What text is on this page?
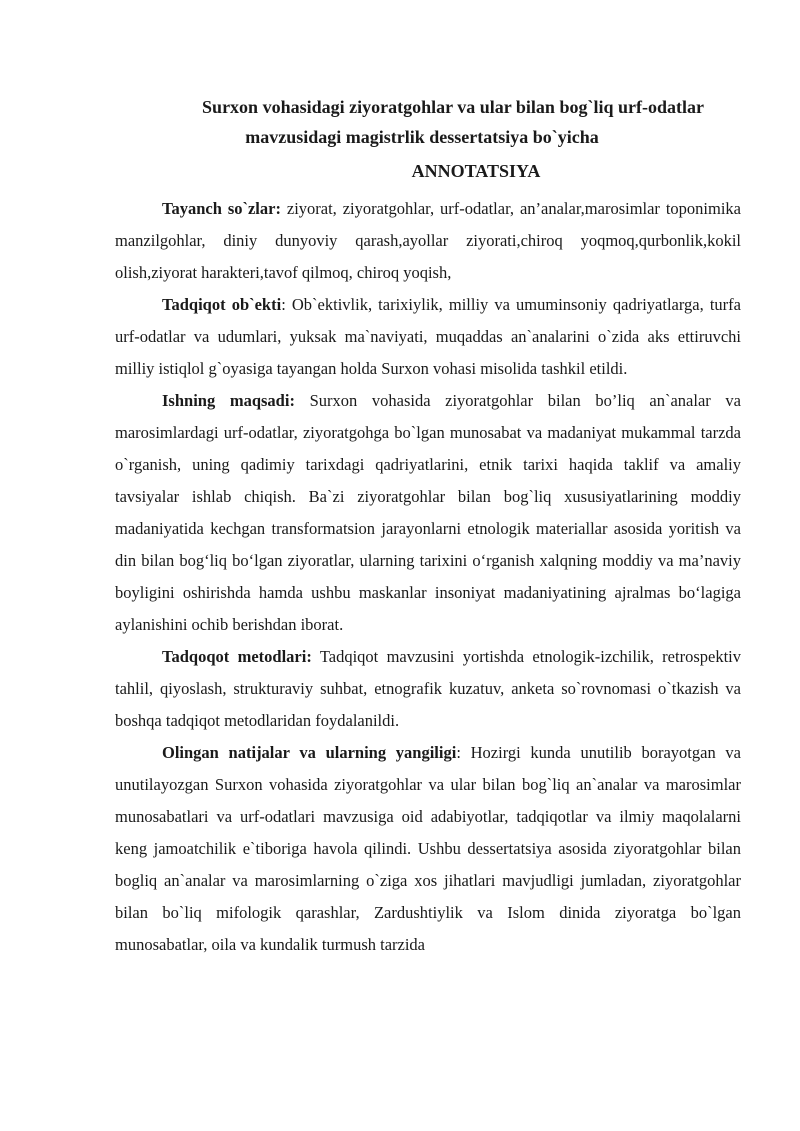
Surxon vohasidagi ziyoratgohlar va ular bilan bog`liq urf-odatlar
mavzusidagi magistrlik dessertatsiya bo`yicha
ANNOTATSIYA

Tayanch so`zlar: ziyorat, ziyoratgohlar, urf-odatlar, an’analar,marosimlar toponimika manzilgohlar, diniy dunyoviy qarash,ayollar ziyorati,chiroq yoqmoq,qurbonlik,kokil olish,ziyorat harakteri,tavof qilmoq, chiroq yoqish,

Tadqiqot ob`ekti: Ob`ektivlik, tarixiylik, milliy va umuminsoniy qadriyatlarga, turfa urf-odatlar va udumlari, yuksak ma`naviyati, muqaddas an`analarini o`zida aks ettiruvchi milliy istiqlol g`oyasiga tayangan holda Surxon vohasi misolida tashkil etildi.

Ishning maqsadi: Surxon vohasida ziyoratgohlar bilan bo’liq an`analar va marosimlardagi urf-odatlar, ziyoratgohga bo`lgan munosabat va madaniyat mukammal tarzda o`rganish, uning qadimiy tarixdagi qadriyatlarini, etnik tarixi haqida taklif va amaliy tavsiyalar ishlab chiqish. Ba`zi ziyoratgohlar bilan bog`liq xususiyatlarining moddiy madaniyatida kechgan transformatsion jarayonlarni etnologik materiallar asosida yoritish va din bilan bog‘liq bo‘lgan ziyoratlar, ularning tarixini o‘rganish xalqning moddiy va ma’naviy boyligini oshirishda hamda ushbu maskanlar insoniyat madaniyatining ajralmas bo‘lagiga aylanishini ochib berishdan iborat.

Tadqoqot metodlari: Tadqiqot mavzusini yortishda etnologik-izchilik, retrospektiv tahlil, qiyoslash, strukturaviy suhbat, etnografik kuzatuv, anketa so`rovnomasi o`tkazish va boshqa tadqiqot metodlaridan foydalanildi.

Olingan natijalar va ularning yangiligi: Hozirgi kunda unutilib borayotgan va unutilayozgan Surxon vohasida ziyoratgohlar va ular bilan bog`liq an`analar va marosimlar munosabatlari va urf-odatlari mavzusiga oid adabiyotlar, tadqiqotlar va ilmiy maqolalarni keng jamoatchilik e`tiboriga havola qilindi. Ushbu dessertatsiya asosida ziyoratgohlar bilan bogliq an`analar va marosimlarning o`ziga xos jihatlari mavjudligi jumladan, ziyoratgohlar bilan bo`liq mifologik qarashlar, Zardushtiylik va Islom dinida ziyoratga bo`lgan munosabatlar, oila va kundalik turmush tarzida
